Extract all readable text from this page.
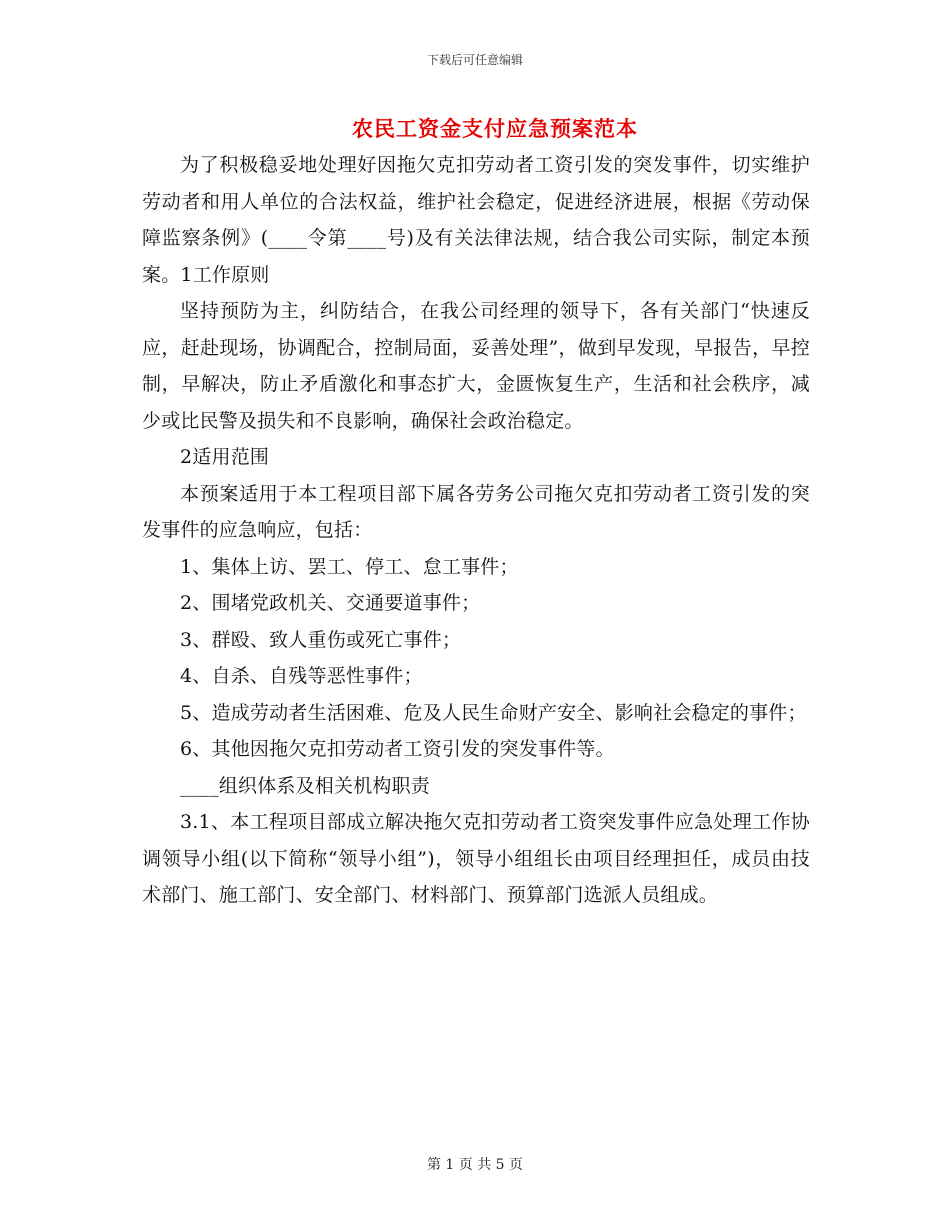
下载后可任意编辑
农民工资金支付应急预案范本

为了积极稳妥地处理好因拖欠克扣劳动者工资引发的突发事件，切实维护劳动者和用人单位的合法权益，维护社会稳定，促进经济进展，根据《劳动保障监察条例》(____令第____号)及有关法律法规，结合我公司实际，制定本预案。1工作原则

坚持预防为主，纠防结合，在我公司经理的领导下，各有关部门“快速反应，赶赴现场，协调配合，控制局面，妥善处理”，做到早发现，早报告，早控制，早解决，防止矛盾激化和事态扩大，金匮恢复生产，生活和社会秩序，减少或比民警及损失和不良影响，确保社会政治稳定。

2适用范围

本预案适用于本工程项目部下属各劳务公司拖欠克扣劳动者工资引发的突发事件的应急响应，包括：

1、集体上访、罢工、停工、怠工事件；

2、围堵党政机关、交通要道事件；

3、群殴、致人重伤或死亡事件；

4、自杀、自残等恶性事件；

5、造成劳动者生活困难、危及人民生命财产安全、影响社会稳定的事件；

6、其他因拖欠克扣劳动者工资引发的突发事件等。

____组织体系及相关机构职责

3.1、本工程项目部成立解决拖欠克扣劳动者工资突发事件应急处理工作协调领导小组(以下简称“领导小组”)，领导小组组长由项目经理担任，成员由技术部门、施工部门、安全部门、材料部门、预算部门选派人员组成。

第 1 页 共 5 页
